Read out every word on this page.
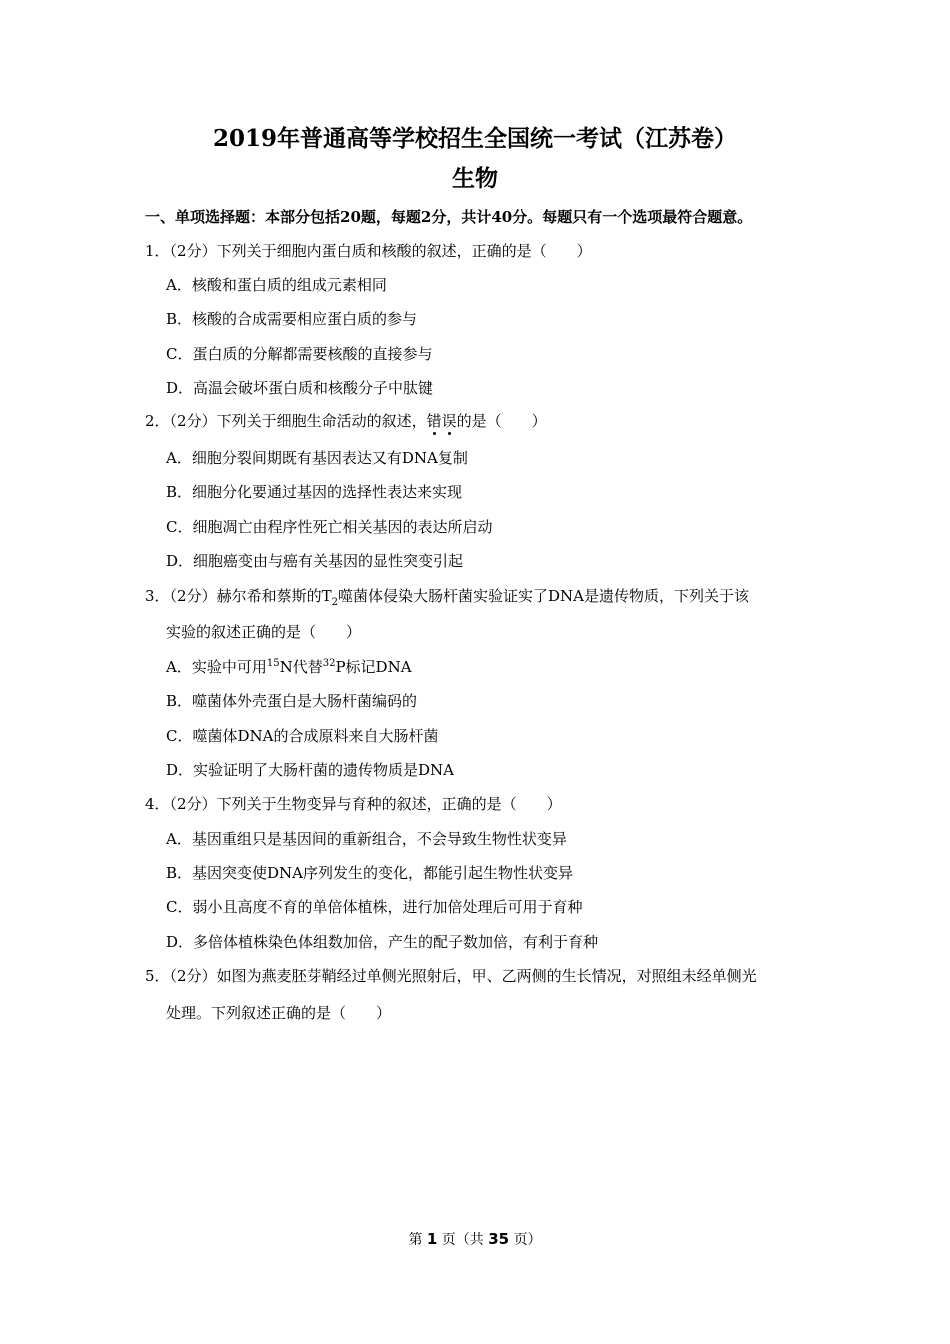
2019年普通高等学校招生全国统一考试（江苏卷）
生物
一、单项选择题：本部分包括20题，每题2分，共计40分。每题只有一个选项最符合题意。
1．（2分）下列关于细胞内蛋白质和核酸的叙述，正确的是（　　）
A．核酸和蛋白质的组成元素相同
B．核酸的合成需要相应蛋白质的参与
C．蛋白质的分解都需要核酸的直接参与
D．高温会破坏蛋白质和核酸分子中肽键
2．（2分）下列关于细胞生命活动的叙述，错误的是（　　）
A．细胞分裂间期既有基因表达又有DNA复制
B．细胞分化要通过基因的选择性表达来实现
C．细胞凋亡由程序性死亡相关基因的表达所启动
D．细胞癌变由与癌有关基因的显性突变引起
3．（2分）赫尔希和蔡斯的$T_2$噬菌体侵染大肠杆菌实验证实了DNA是遗传物质，下列关于该
实验的叙述正确的是（　　）
A．实验中可用$^{15}$N代替$^{32}$P标记DNA
B．噬菌体外壳蛋白是大肠杆菌编码的
C．噬菌体DNA的合成原料来自大肠杆菌
D．实验证明了大肠杆菌的遗传物质是DNA
4．（2分）下列关于生物变异与育种的叙述，正确的是（　　）
A．基因重组只是基因间的重新组合，不会导致生物性状变异
B．基因突变使DNA序列发生的变化，都能引起生物性状变异
C．弱小且高度不育的单倍体植株，进行加倍处理后可用于育种
D．多倍体植株染色体组数加倍，产生的配子数加倍，有利于育种
5．（2分）如图为燕麦胚芽鞘经过单侧光照射后，甲、乙两侧的生长情况，对照组未经单侧光
处理。下列叙述正确的是（　　）
第 1 页（共 35 页）
